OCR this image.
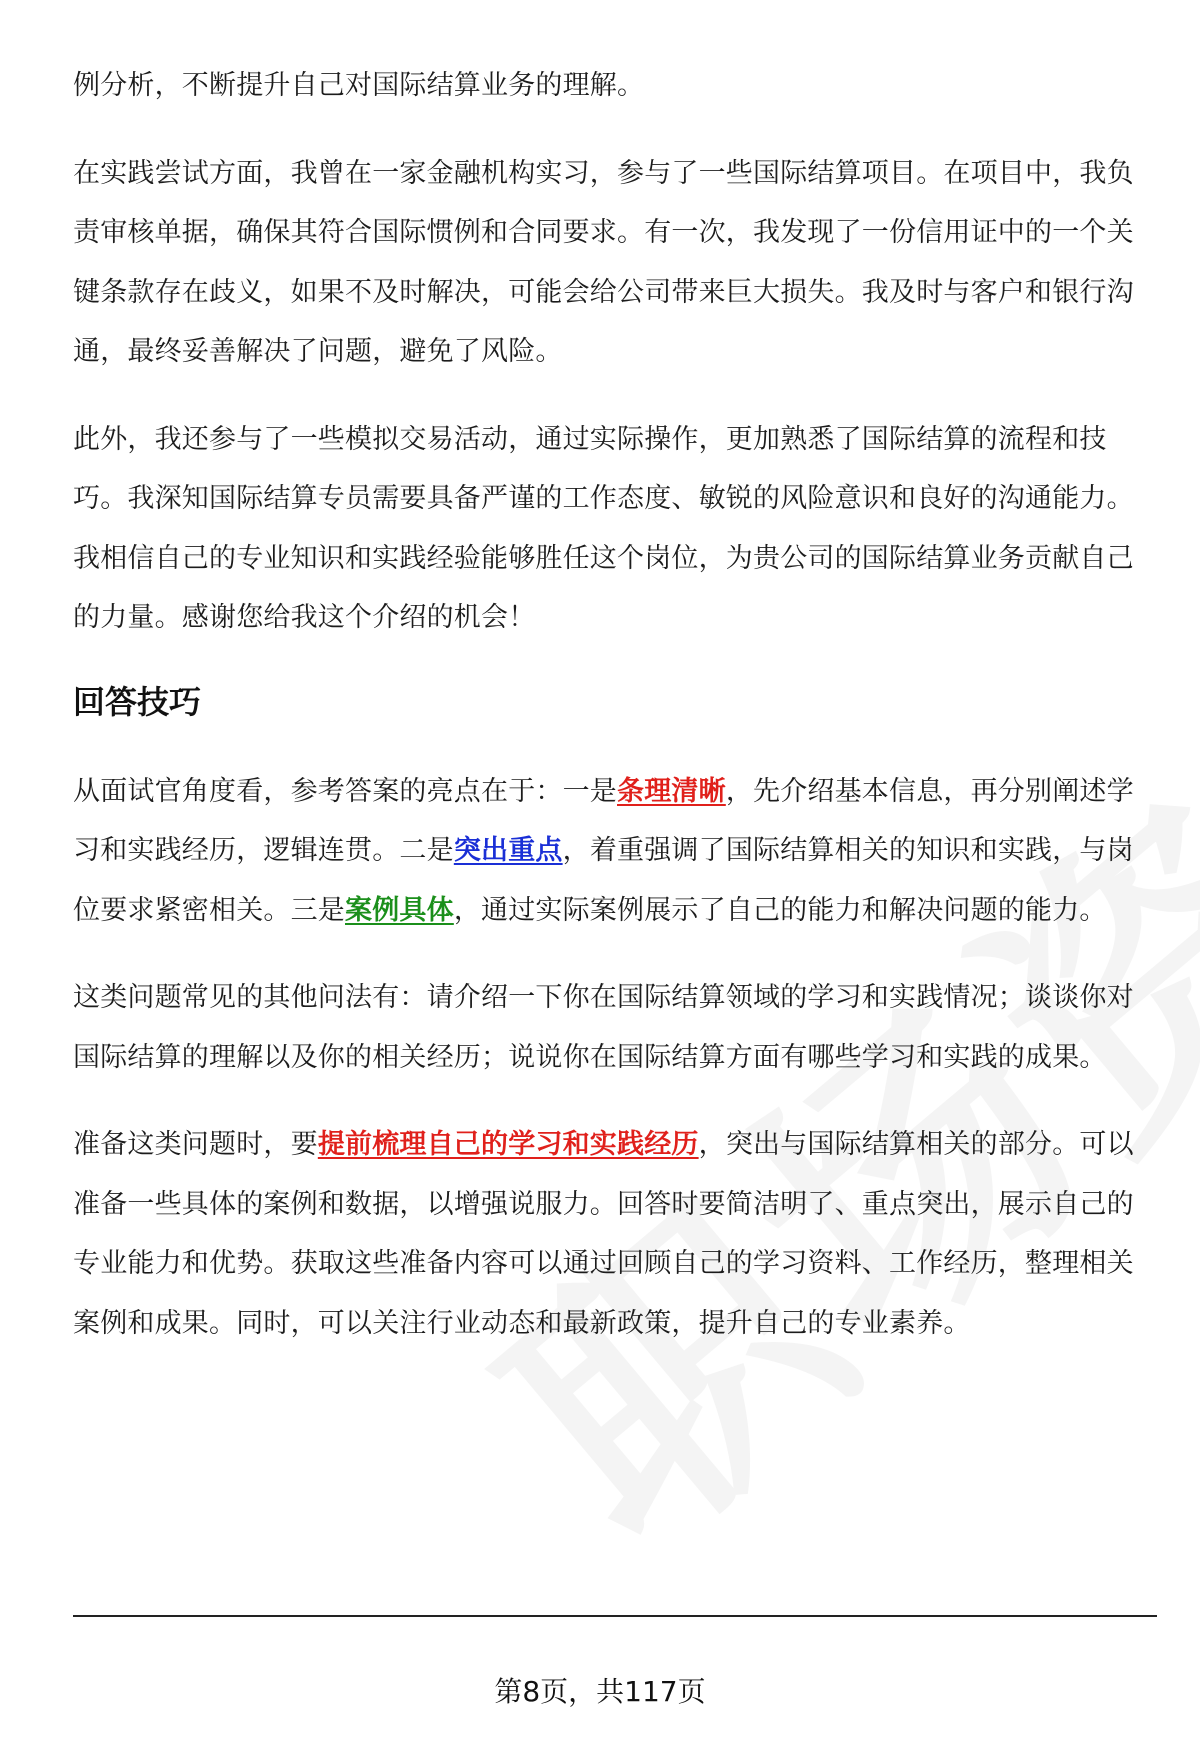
例分析，不断提升自己对国际结算业务的理解。

在实践尝试方面，我曾在一家金融机构实习，参与了一些国际结算项目。在项目中，我负责审核单据，确保其符合国际惯例和合同要求。有一次，我发现了一份信用证中的一个关键条款存在歧义，如果不及时解决，可能会给公司带来巨大损失。我及时与客户和银行沟通，最终妥善解决了问题，避免了风险。

此外，我还参与了一些模拟交易活动，通过实际操作，更加熟悉了国际结算的流程和技巧。我深知国际结算专员需要具备严谨的工作态度、敏锐的风险意识和良好的沟通能力。我相信自己的专业知识和实践经验能够胜任这个岗位，为贵公司的国际结算业务贡献自己的力量。感谢您给我这个介绍的机会！

回答技巧

从面试官角度看，参考答案的亮点在于：一是条理清晰，先介绍基本信息，再分别阐述学习和实践经历，逻辑连贯。二是突出重点，着重强调了国际结算相关的知识和实践，与岗位要求紧密相关。三是案例具体，通过实际案例展示了自己的能力和解决问题的能力。

这类问题常见的其他问法有：请介绍一下你在国际结算领域的学习和实践情况；谈谈你对国际结算的理解以及你的相关经历；说说你在国际结算方面有哪些学习和实践的成果。

准备这类问题时，要提前梳理自己的学习和实践经历，突出与国际结算相关的部分。可以准备一些具体的案例和数据，以增强说服力。回答时要简洁明了、重点突出，展示自己的专业能力和优势。获取这些准备内容可以通过回顾自己的学习资料、工作经历，整理相关案例和成果。同时，可以关注行业动态和最新政策，提升自己的专业素养。

第8页，共117页
